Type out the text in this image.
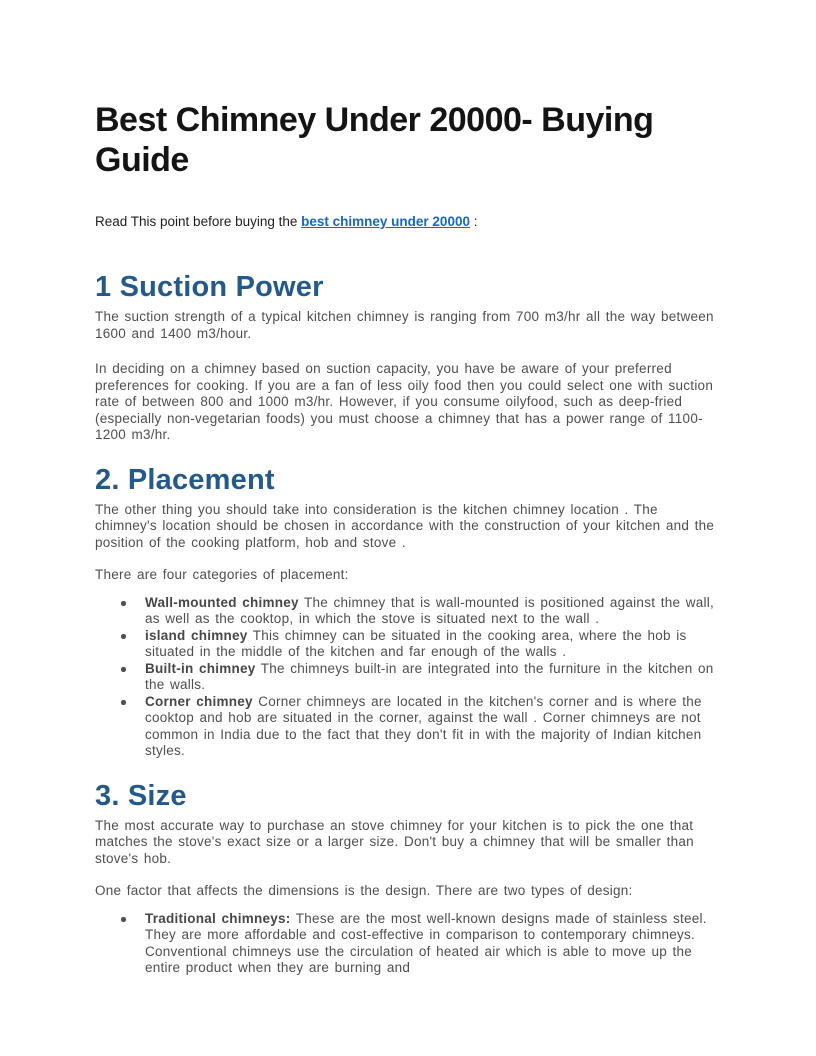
Best Chimney Under 20000- Buying Guide

Read This point before buying the best chimney under 20000 :

1 Suction Power

The suction strength of a typical kitchen chimney is ranging from 700 m3/hr all the way between 1600 and 1400 m3/hour.

In deciding on a chimney based on suction capacity, you have be aware of your preferred preferences for cooking. If you are a fan of less oily food then you could select one with suction rate of between 800 and 1000 m3/hr. However, if you consume oilyfood, such as deep-fried (especially non-vegetarian foods) you must choose a chimney that has a power range of 1100-1200 m3/hr.

2. Placement

The other thing you should take into consideration is the kitchen chimney location . The chimney's location should be chosen in accordance with the construction of your kitchen and the position of the cooking platform, hob and stove .

There are four categories of placement:

Wall-mounted chimney The chimney that is wall-mounted is positioned against the wall, as well as the cooktop, in which the stove is situated next to the wall .
island chimney This chimney can be situated in the cooking area, where the hob is situated in the middle of the kitchen and far enough of the walls .
Built-in chimney The chimneys built-in are integrated into the furniture in the kitchen on the walls.
Corner chimney Corner chimneys are located in the kitchen's corner and is where the cooktop and hob are situated in the corner, against the wall . Corner chimneys are not common in India due to the fact that they don't fit in with the majority of Indian kitchen styles.
3. Size

The most accurate way to purchase an stove chimney for your kitchen is to pick the one that matches the stove's exact size or a larger size. Don't buy a chimney that will be smaller than stove's hob.

One factor that affects the dimensions is the design. There are two types of design:

Traditional chimneys: These are the most well-known designs made of stainless steel. They are more affordable and cost-effective in comparison to contemporary chimneys. Conventional chimneys use the circulation of heated air which is able to move up the entire product when they are burning and
